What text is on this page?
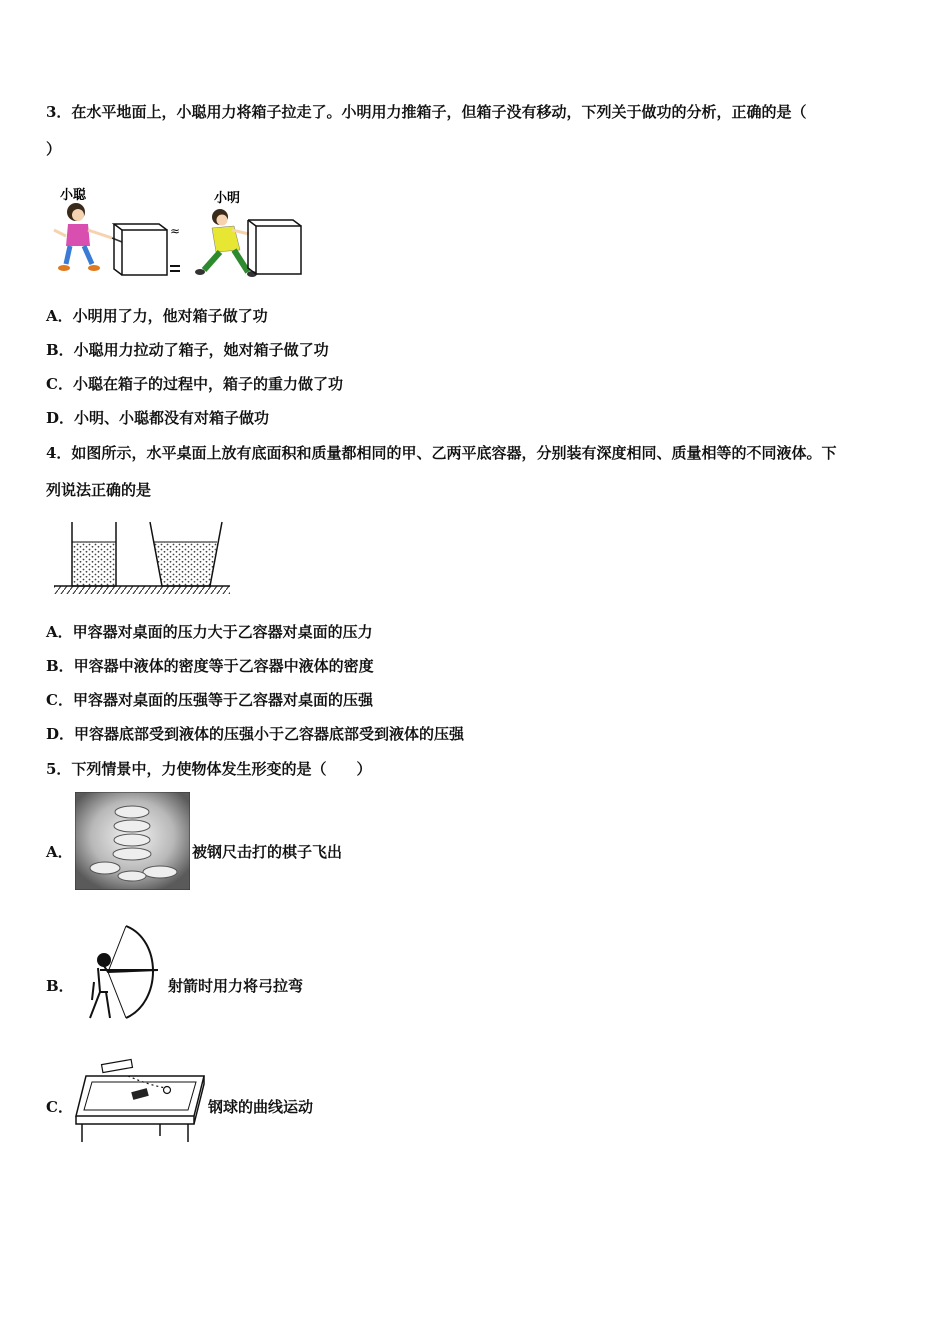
3．在水平地面上，小聪用力将箱子拉走了。小明用力推箱子，但箱子没有移动，下列关于做功的分析，正确的是（
）
小聪	小明
≈
A．小明用了力，他对箱子做了功
B．小聪用力拉动了箱子，她对箱子做了功
C．小聪在箱子的过程中，箱子的重力做了功
D．小明、小聪都没有对箱子做功
4．如图所示，水平桌面上放有底面积和质量都相同的甲、乙两平底容器，分别装有深度相同、质量相等的不同液体。下
列说法正确的是
A．甲容器对桌面的压力大于乙容器对桌面的压力
B．甲容器中液体的密度等于乙容器中液体的密度
C．甲容器对桌面的压强等于乙容器对桌面的压强
D．甲容器底部受到液体的压强小于乙容器底部受到液体的压强
5．下列情景中，力使物体发生形变的是（　　）
A．	被钢尺击打的棋子飞出
B．	射箭时用力将弓拉弯
C．	钢球的曲线运动
